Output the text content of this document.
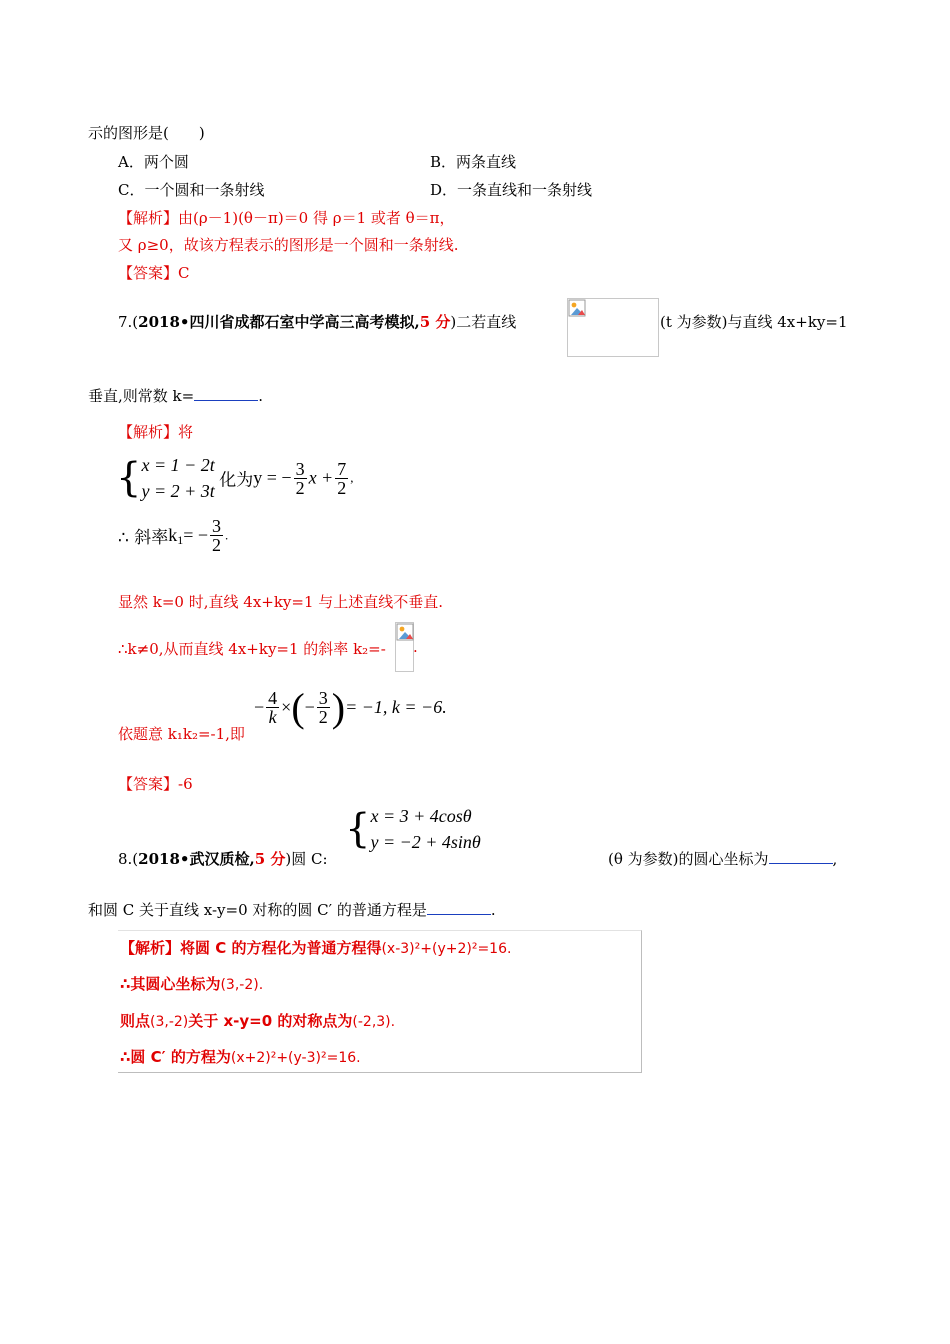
示的图形是(　　)
A．两个圆	B．两条直线
C．一个圆和一条射线	D．一条直线和一条射线
【解析】由(ρ－1)(θ－π)＝0 得 ρ＝1 或者 θ＝π，
又 ρ≥0，故该方程表示的图形是一个圆和一条射线.
【答案】C
7.(2018•四川省成都石室中学高三高考模拟,5 分)二若直线	(t 为参数)与直线 4x+ky=1
垂直,则常数 k=	.
【解析】将
{ x = 1 − 2t
y = 2 + 3t
化为y = − $\frac{3}{2}$ $x + \frac{7}{2}$ ,
∴ 斜率$k_1= - \frac{3}{2}$ .
显然 k=0 时,直线 4x+ky=1 与上述直线不垂直.
∴k≠0,从而直线 4x+ky=1 的斜率 k₂=- .
− $\frac{4}{k}$ ×(− $\frac{3}{2}$ )= −1, k = −6.
依题意 k₁k₂=-1,即
【答案】-6
{ x = 3 + 4cosθ
y = −2 + 4sinθ
8.(2018•武汉质检,5 分)圆 C:	(θ 为参数)的圆心坐标为	,
和圆 C 关于直线 x-y=0 对称的圆 C′ 的普通方程是	.
【解析】将圆 C 的方程化为普通方程得(x-3)²+(y+2)²=16.
∴其圆心坐标为(3,-2).
则点(3,-2)关于 x-y=0 的对称点为(-2,3).
∴圆 C′ 的方程为(x+2)²+(y-3)²=16.
